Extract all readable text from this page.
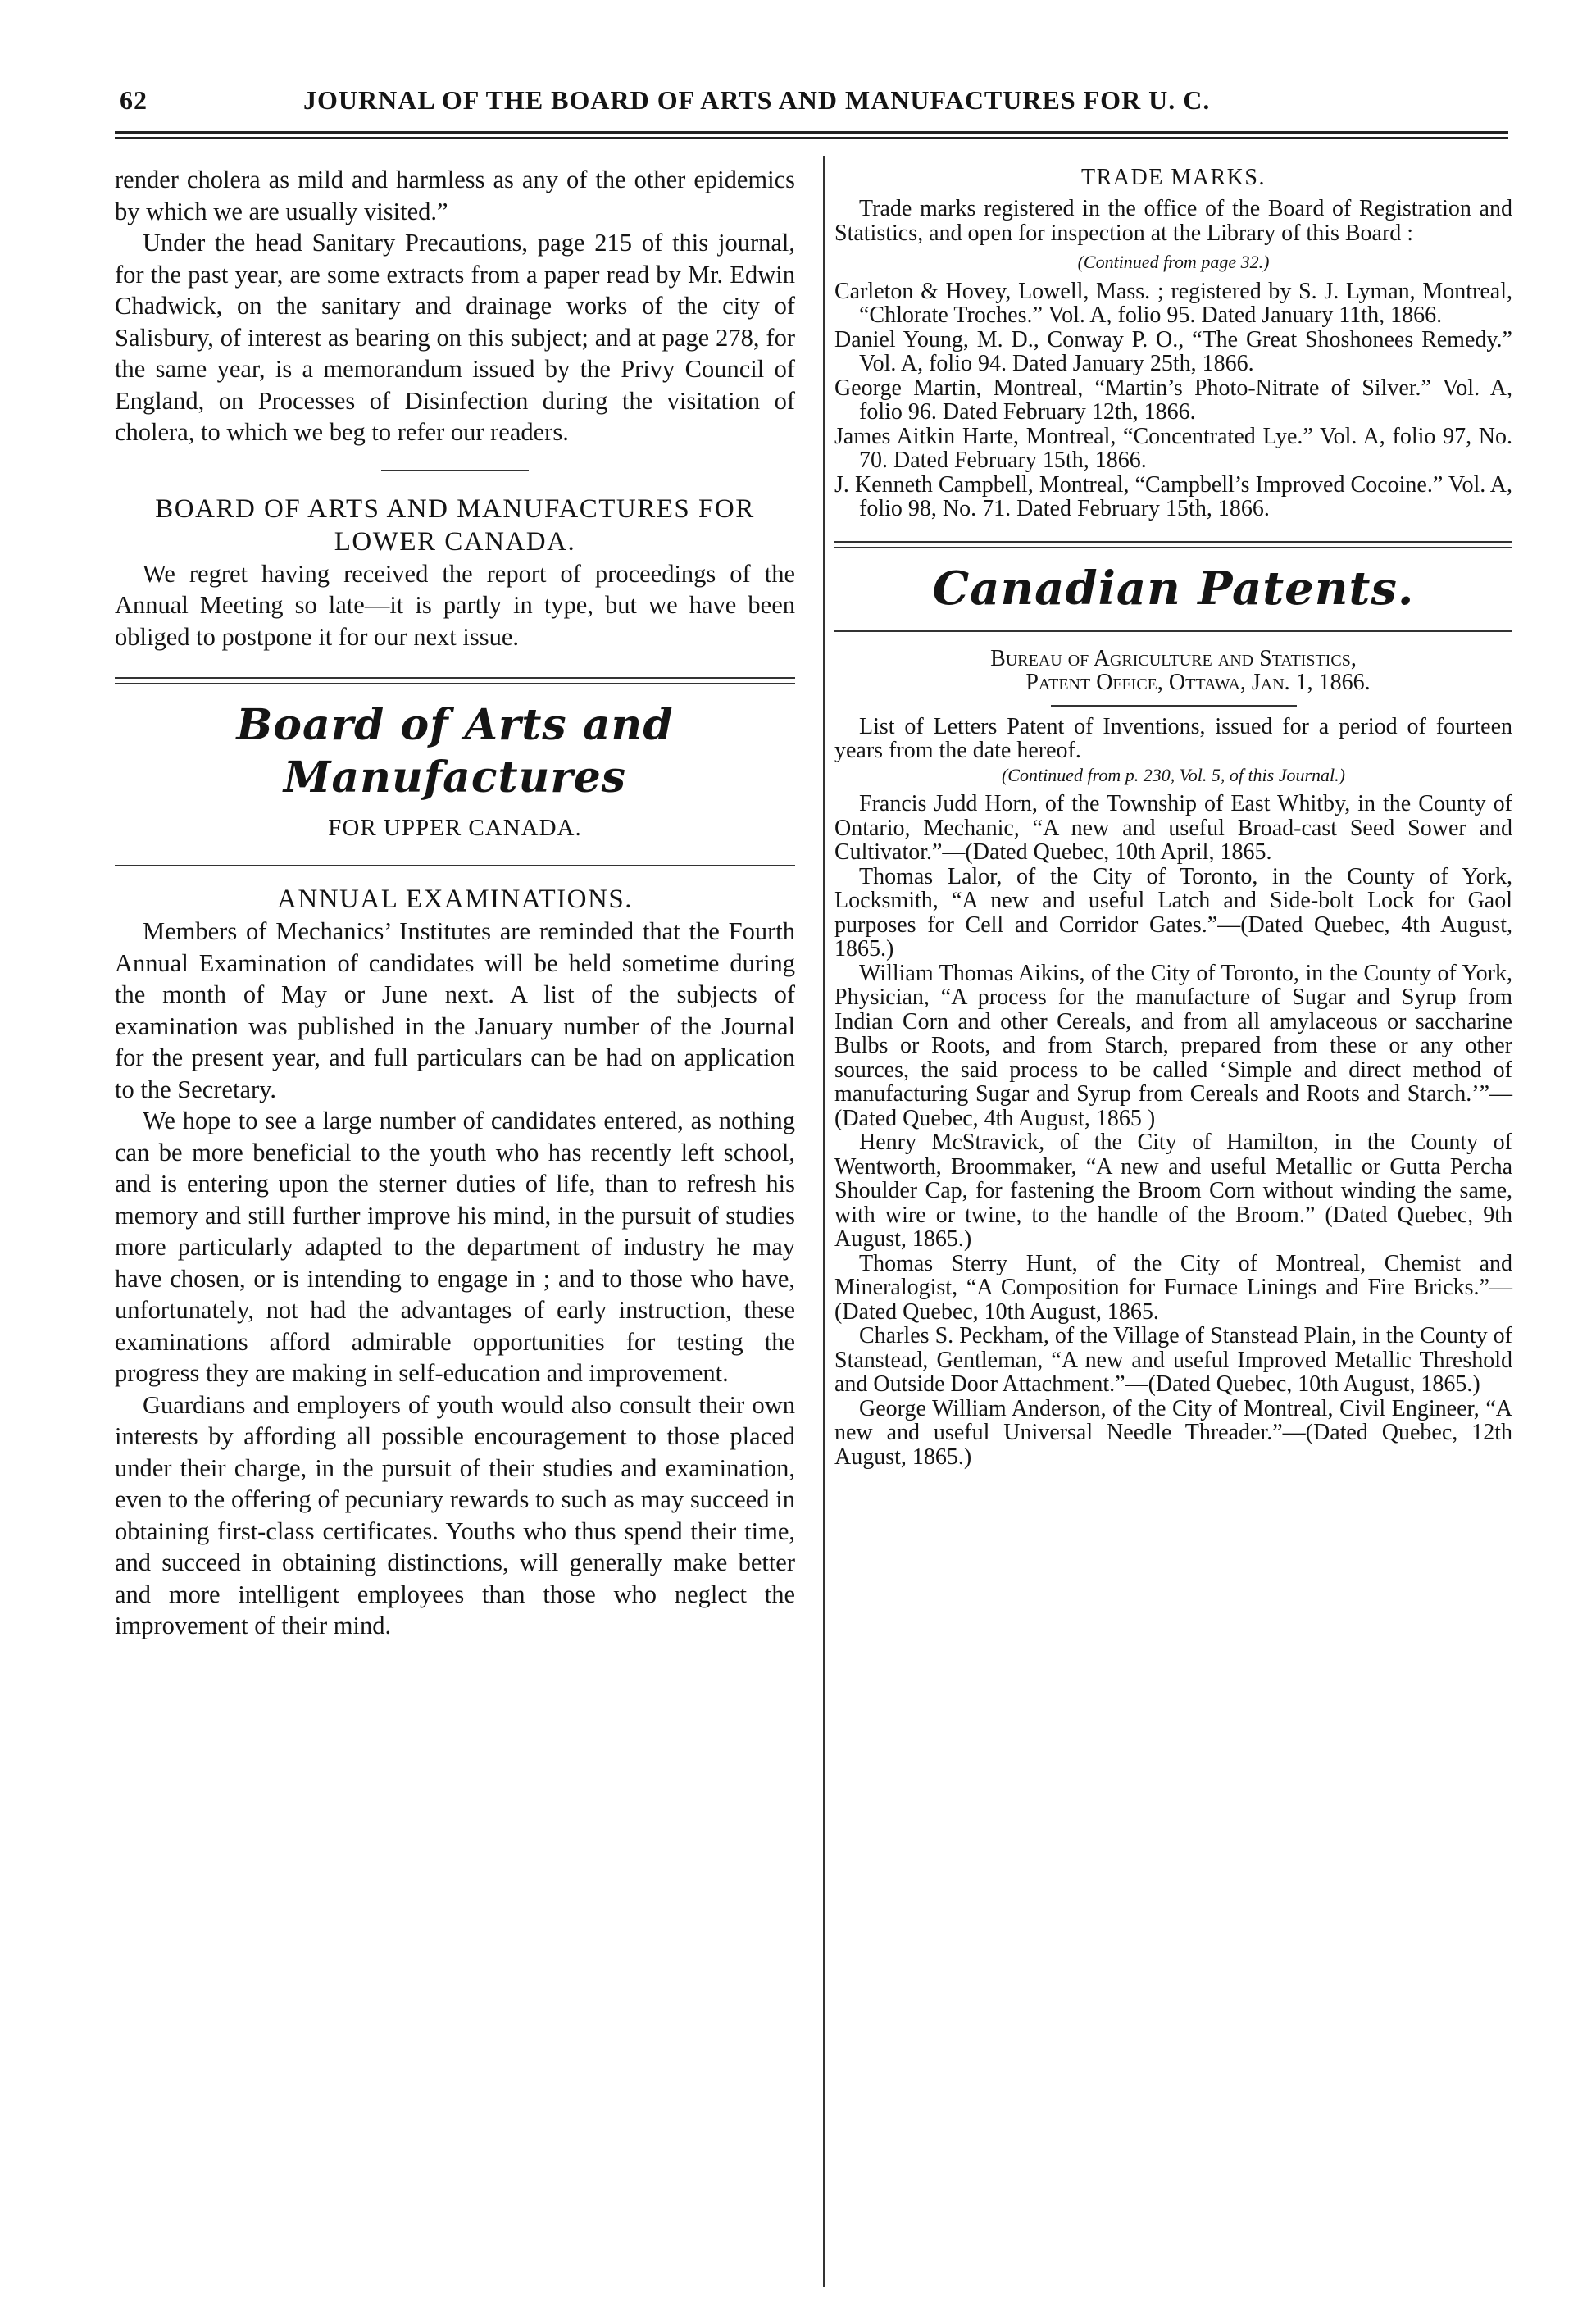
62	JOURNAL OF THE BOARD OF ARTS AND MANUFACTURES FOR U. C.

render cholera as mild and harmless as any of the other epidemics by which we are usually visited.”

Under the head Sanitary Precautions, page 215 of this journal, for the past year, are some extracts from a paper read by Mr. Edwin Chadwick, on the sanitary and drainage works of the city of Salisbury, of interest as bearing on this subject; and at page 278, for the same year, is a memorandum issued by the Privy Council of England, on Processes of Disinfection during the visitation of cholera, to which we beg to refer our readers.

BOARD OF ARTS AND MANUFACTURES FOR LOWER CANADA.

We regret having received the report of proceedings of the Annual Meeting so late—it is partly in type, but we have been obliged to postpone it for our next issue.

Board of Arts and Manufactures
FOR UPPER CANADA.
ANNUAL EXAMINATIONS.

Members of Mechanics’ Institutes are reminded that the Fourth Annual Examination of candidates will be held sometime during the month of May or June next. A list of the subjects of examination was published in the January number of the Journal for the present year, and full particulars can be had on application to the Secretary.

We hope to see a large number of candidates entered, as nothing can be more beneficial to the youth who has recently left school, and is entering upon the sterner duties of life, than to refresh his memory and still further improve his mind, in the pursuit of studies more particularly adapted to the department of industry he may have chosen, or is intending to engage in ; and to those who have, unfortunately, not had the advantages of early instruction, these examinations afford admirable opportunities for testing the progress they are making in self-education and improvement.

Guardians and employers of youth would also consult their own interests by affording all possible encouragement to those placed under their charge, in the pursuit of their studies and examination, even to the offering of pecuniary rewards to such as may succeed in obtaining first-class certificates. Youths who thus spend their time, and succeed in obtaining distinctions, will generally make better and more intelligent employees than those who neglect the improvement of their mind.

TRADE MARKS.

Trade marks registered in the office of the Board of Registration and Statistics, and open for inspection at the Library of this Board :

(Continued from page 32.)

Carleton & Hovey, Lowell, Mass. ; registered by S. J. Lyman, Montreal, “Chlorate Troches.” Vol. A, folio 95. Dated January 11th, 1866.

Daniel Young, M. D., Conway P. O., “The Great Shoshonees Remedy.” Vol. A, folio 94. Dated January 25th, 1866.

George Martin, Montreal, “Martin’s Photo-Nitrate of Silver.” Vol. A, folio 96. Dated February 12th, 1866.

James Aitkin Harte, Montreal, “Concentrated Lye.” Vol. A, folio 97, No. 70. Dated February 15th, 1866.

J. Kenneth Campbell, Montreal, “Campbell’s Improved Cocoine.” Vol. A, folio 98, No. 71. Dated February 15th, 1866.

Canadian Patents.
Bureau of Agriculture and Statistics,
Patent Office, Ottawa, Jan. 1, 1866.

List of Letters Patent of Inventions, issued for a period of fourteen years from the date hereof.

(Continued from p. 230, Vol. 5, of this Journal.)

Francis Judd Horn, of the Township of East Whitby, in the County of Ontario, Mechanic, “A new and useful Broad-cast Seed Sower and Cultivator.”—(Dated Quebec, 10th April, 1865.

Thomas Lalor, of the City of Toronto, in the County of York, Locksmith, “A new and useful Latch and Side-bolt Lock for Gaol purposes for Cell and Corridor Gates.”—(Dated Quebec, 4th August, 1865.)

William Thomas Aikins, of the City of Toronto, in the County of York, Physician, “A process for the manufacture of Sugar and Syrup from Indian Corn and other Cereals, and from all amylaceous or saccharine Bulbs or Roots, and from Starch, prepared from these or any other sources, the said process to be called ‘Simple and direct method of manufacturing Sugar and Syrup from Cereals and Roots and Starch.’”—(Dated Quebec, 4th August, 1865 )

Henry McStravick, of the City of Hamilton, in the County of Wentworth, Broommaker, “A new and useful Metallic or Gutta Percha Shoulder Cap, for fastening the Broom Corn without winding the same, with wire or twine, to the handle of the Broom.” (Dated Quebec, 9th August, 1865.)

Thomas Sterry Hunt, of the City of Montreal, Chemist and Mineralogist, “A Composition for Furnace Linings and Fire Bricks.”—(Dated Quebec, 10th August, 1865.

Charles S. Peckham, of the Village of Stanstead Plain, in the County of Stanstead, Gentleman, “A new and useful Improved Metallic Threshold and Outside Door Attachment.”—(Dated Quebec, 10th August, 1865.)

George William Anderson, of the City of Montreal, Civil Engineer, “A new and useful Universal Needle Threader.”—(Dated Quebec, 12th August, 1865.)
